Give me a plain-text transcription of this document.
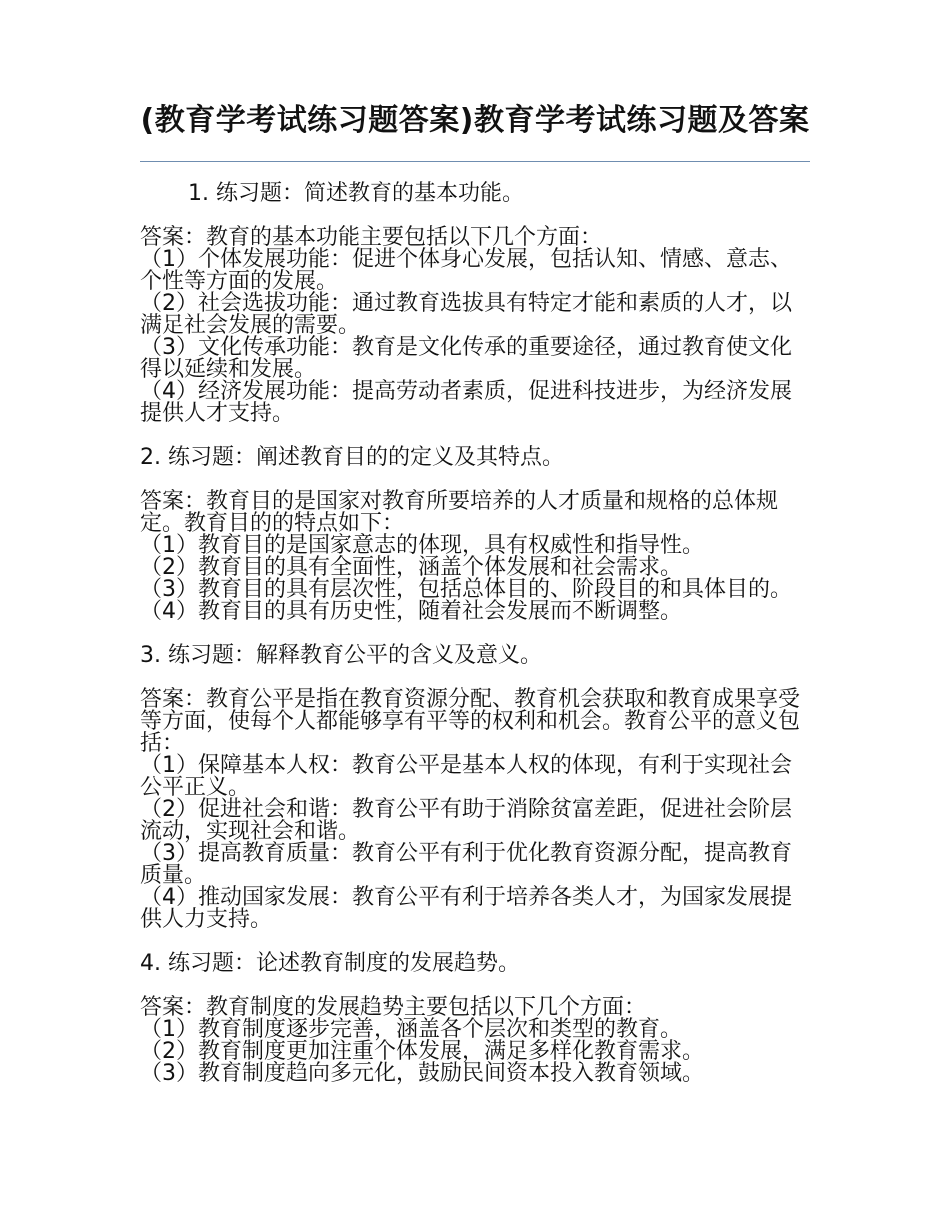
(教育学考试练习题答案)教育学考试练习题及答案

1. 练习题：简述教育的基本功能。

答案：教育的基本功能主要包括以下几个方面：
（1）个体发展功能：促进个体身心发展，包括认知、情感、意志、个性等方面的发展。
（2）社会选拔功能：通过教育选拔具有特定才能和素质的人才，以满足社会发展的需要。
（3）文化传承功能：教育是文化传承的重要途径，通过教育使文化得以延续和发展。
（4）经济发展功能：提高劳动者素质，促进科技进步，为经济发展提供人才支持。

2. 练习题：阐述教育目的的定义及其特点。

答案：教育目的是国家对教育所要培养的人才质量和规格的总体规定。教育目的的特点如下：
（1）教育目的是国家意志的体现，具有权威性和指导性。
（2）教育目的具有全面性，涵盖个体发展和社会需求。
（3）教育目的具有层次性，包括总体目的、阶段目的和具体目的。
（4）教育目的具有历史性，随着社会发展而不断调整。

3. 练习题：解释教育公平的含义及意义。

答案：教育公平是指在教育资源分配、教育机会获取和教育成果享受等方面，使每个人都能够享有平等的权利和机会。教育公平的意义包括：
（1）保障基本人权：教育公平是基本人权的体现，有利于实现社会公平正义。
（2）促进社会和谐：教育公平有助于消除贫富差距，促进社会阶层流动，实现社会和谐。
（3）提高教育质量：教育公平有利于优化教育资源分配，提高教育质量。
（4）推动国家发展：教育公平有利于培养各类人才，为国家发展提供人力支持。

4. 练习题：论述教育制度的发展趋势。

答案：教育制度的发展趋势主要包括以下几个方面：
（1）教育制度逐步完善，涵盖各个层次和类型的教育。
（2）教育制度更加注重个体发展，满足多样化教育需求。
（3）教育制度趋向多元化，鼓励民间资本投入教育领域。
